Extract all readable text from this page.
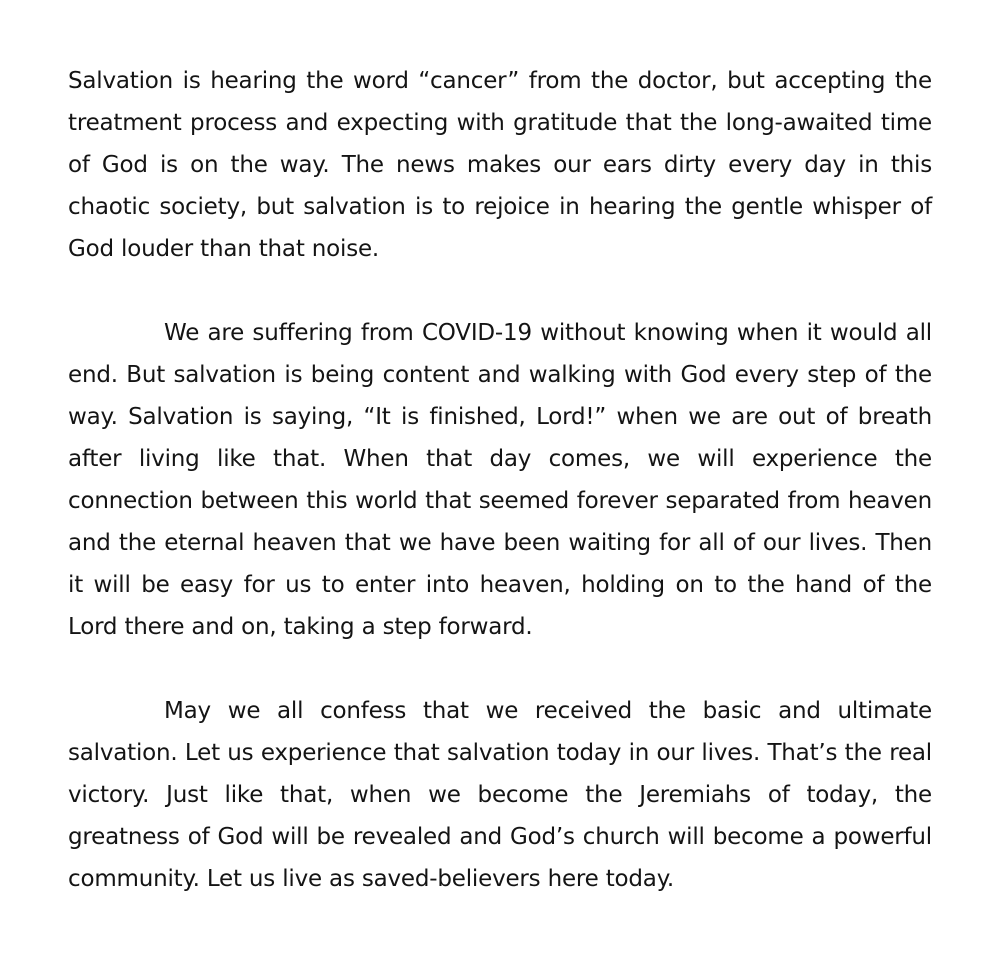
Salvation is hearing the word “cancer” from the doctor, but accepting the treatment process and expecting with gratitude that the long-awaited time of God is on the way. The news makes our ears dirty every day in this chaotic society, but salvation is to rejoice in hearing the gentle whisper of God louder than that noise.

We are suffering from COVID-19 without knowing when it would all end. But salvation is being content and walking with God every step of the way. Salvation is saying, “It is finished, Lord!” when we are out of breath after living like that. When that day comes, we will experience the connection between this world that seemed forever separated from heaven and the eternal heaven that we have been waiting for all of our lives. Then it will be easy for us to enter into heaven, holding on to the hand of the Lord there and on, taking a step forward.

May we all confess that we received the basic and ultimate salvation. Let us experience that salvation today in our lives. That’s the real victory. Just like that, when we become the Jeremiahs of today, the greatness of God will be revealed and God’s church will become a powerful community. Let us live as saved-believers here today.
